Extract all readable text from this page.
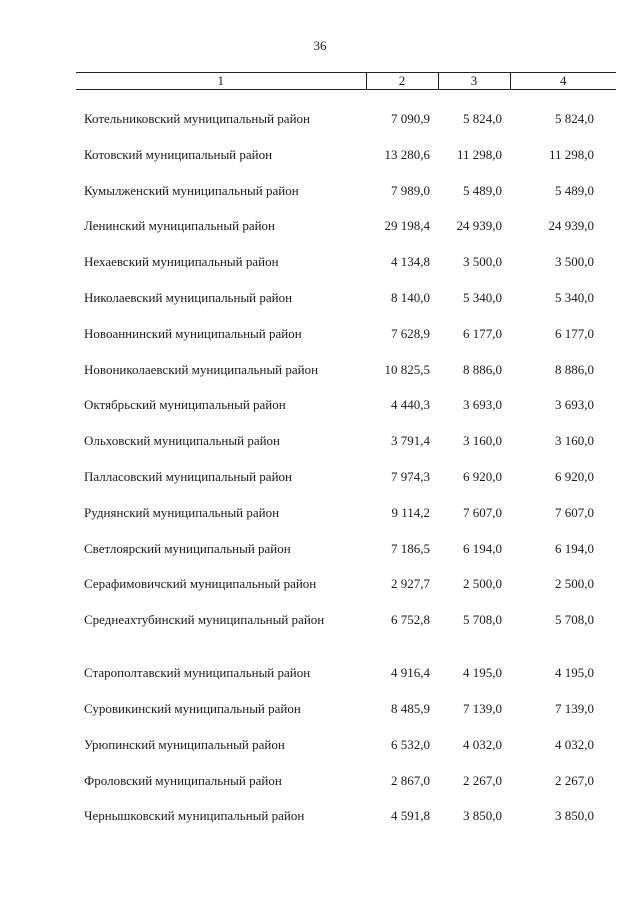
36
1	2	3	4

Котельниковский муниципальный район	7 090,9	5 824,0	5 824,0
Котовский муниципальный район	13 280,6	11 298,0	11 298,0
Кумылженский муниципальный район	7 989,0	5 489,0	5 489,0
Ленинский муниципальный район	29 198,4	24 939,0	24 939,0
Нехаевский муниципальный район	4 134,8	3 500,0	3 500,0
Николаевский муниципальный район	8 140,0	5 340,0	5 340,0
Новоаннинский муниципальный район	7 628,9	6 177,0	6 177,0
Новониколаевский муниципальный район	10 825,5	8 886,0	8 886,0
Октябрьский муниципальный район	4 440,3	3 693,0	3 693,0
Ольховский муниципальный район	3 791,4	3 160,0	3 160,0
Палласовский муниципальный район	7 974,3	6 920,0	6 920,0
Руднянский муниципальный район	9 114,2	7 607,0	7 607,0
Светлоярский муниципальный район	7 186,5	6 194,0	6 194,0
Серафимовичский муниципальный район	2 927,7	2 500,0	2 500,0
Среднеахтубинский муниципальный район	6 752,8	5 708,0	5 708,0
Старополтавский муниципальный район	4 916,4	4 195,0	4 195,0
Суровикинский муниципальный район	8 485,9	7 139,0	7 139,0
Урюпинский муниципальный район	6 532,0	4 032,0	4 032,0
Фроловский муниципальный район	2 867,0	2 267,0	2 267,0
Чернышковский муниципальный район	4 591,8	3 850,0	3 850,0
